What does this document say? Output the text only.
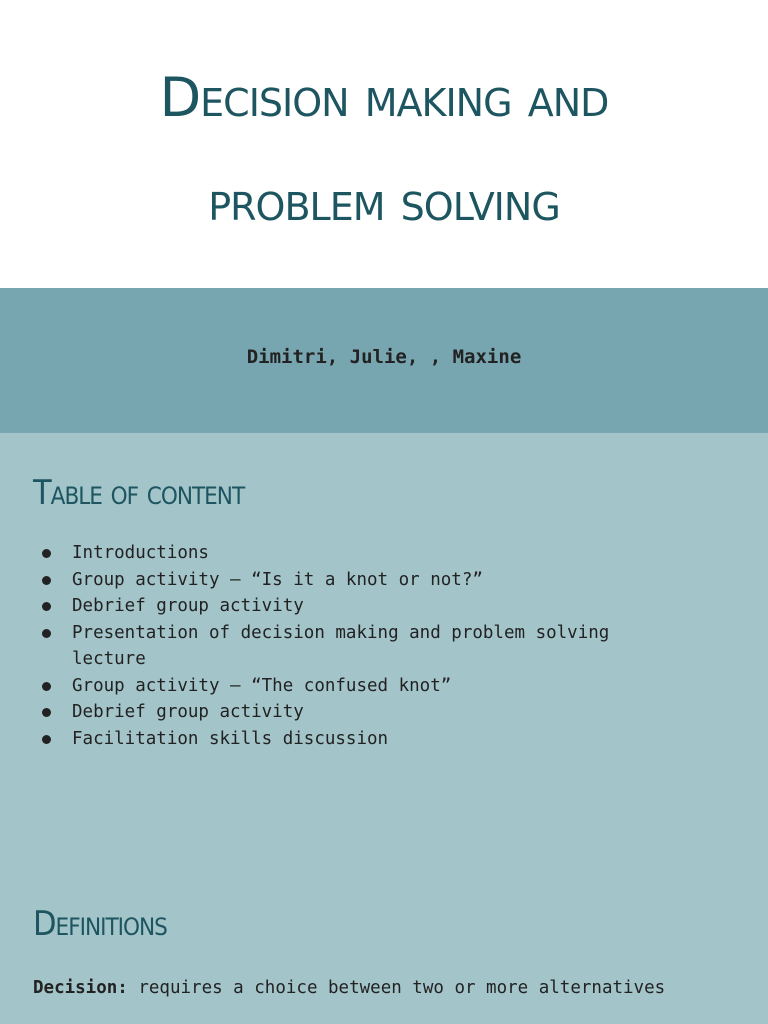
Decision making and
problem solving
Dimitri, Julie, , Maxine
Table of content
Introductions
Group activity – “Is it a knot or not?”
Debrief group activity
Presentation of decision making and problem solving
lecture
Group activity – “The confused knot”
Debrief group activity
Facilitation skills discussion
Definitions

Decision: requires a choice between two or more alternatives
